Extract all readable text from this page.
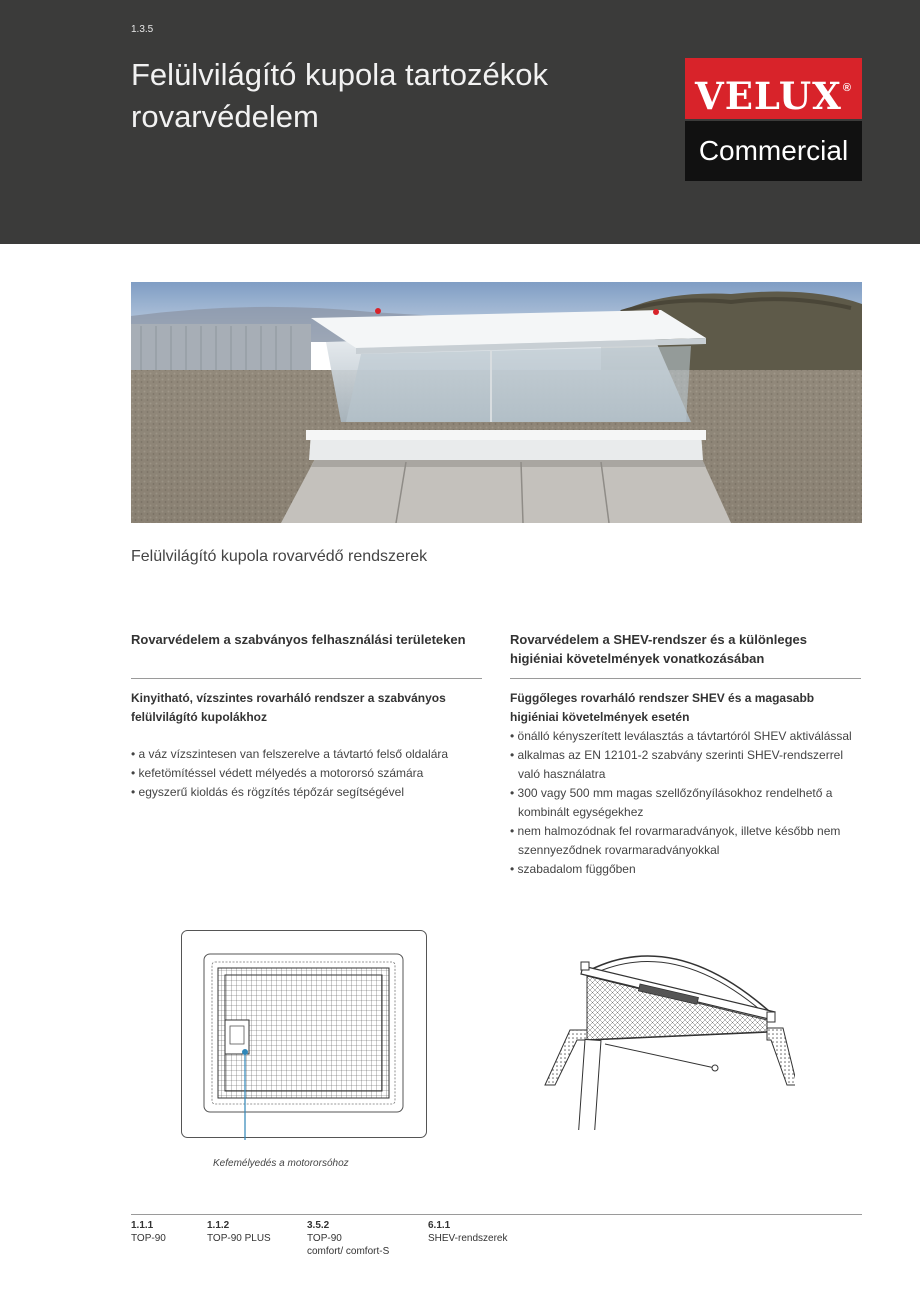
1.3.5
Felülvilágító kupola tartozékok
rovarvédelem	VELUX®
Commercial
Felülvilágító kupola rovarvédő rendszerek
Rovarvédelem a szabványos felhasználási területeken
Kinyitható, vízszintes rovarháló rendszer a szabványos felülvilágító kupolákhoz
• a váz vízszintesen van felszerelve a távtartó felső oldalára
• kefetömítéssel védett mélyedés a motororsó számára
• egyszerű kioldás és rögzítés tépőzár segítségével
Rovarvédelem a SHEV-rendszer és a különleges higiéniai követelmények vonatkozásában
Függőleges rovarháló rendszer SHEV és a magasabb higiéniai követelmények esetén
• önálló kényszerített leválasztás a távtartóról SHEV aktiválással
• alkalmas az EN 12101-2 szabvány szerinti SHEV-rendszerrel való használatra
• 300 vagy 500 mm magas szellőzőnyílásokhoz rendelhető a kombinált egységekhez
• nem halmozódnak fel rovarmaradványok, illetve később nem szennyeződnek rovarmaradványokkal
• szabadalom függőben
Kefemélyedés a motororsóhoz
1.1.1
TOP-90
1.1.2
TOP-90 PLUS
3.5.2
TOP-90
comfort/ comfort-S
6.1.1
SHEV-rendszerek
